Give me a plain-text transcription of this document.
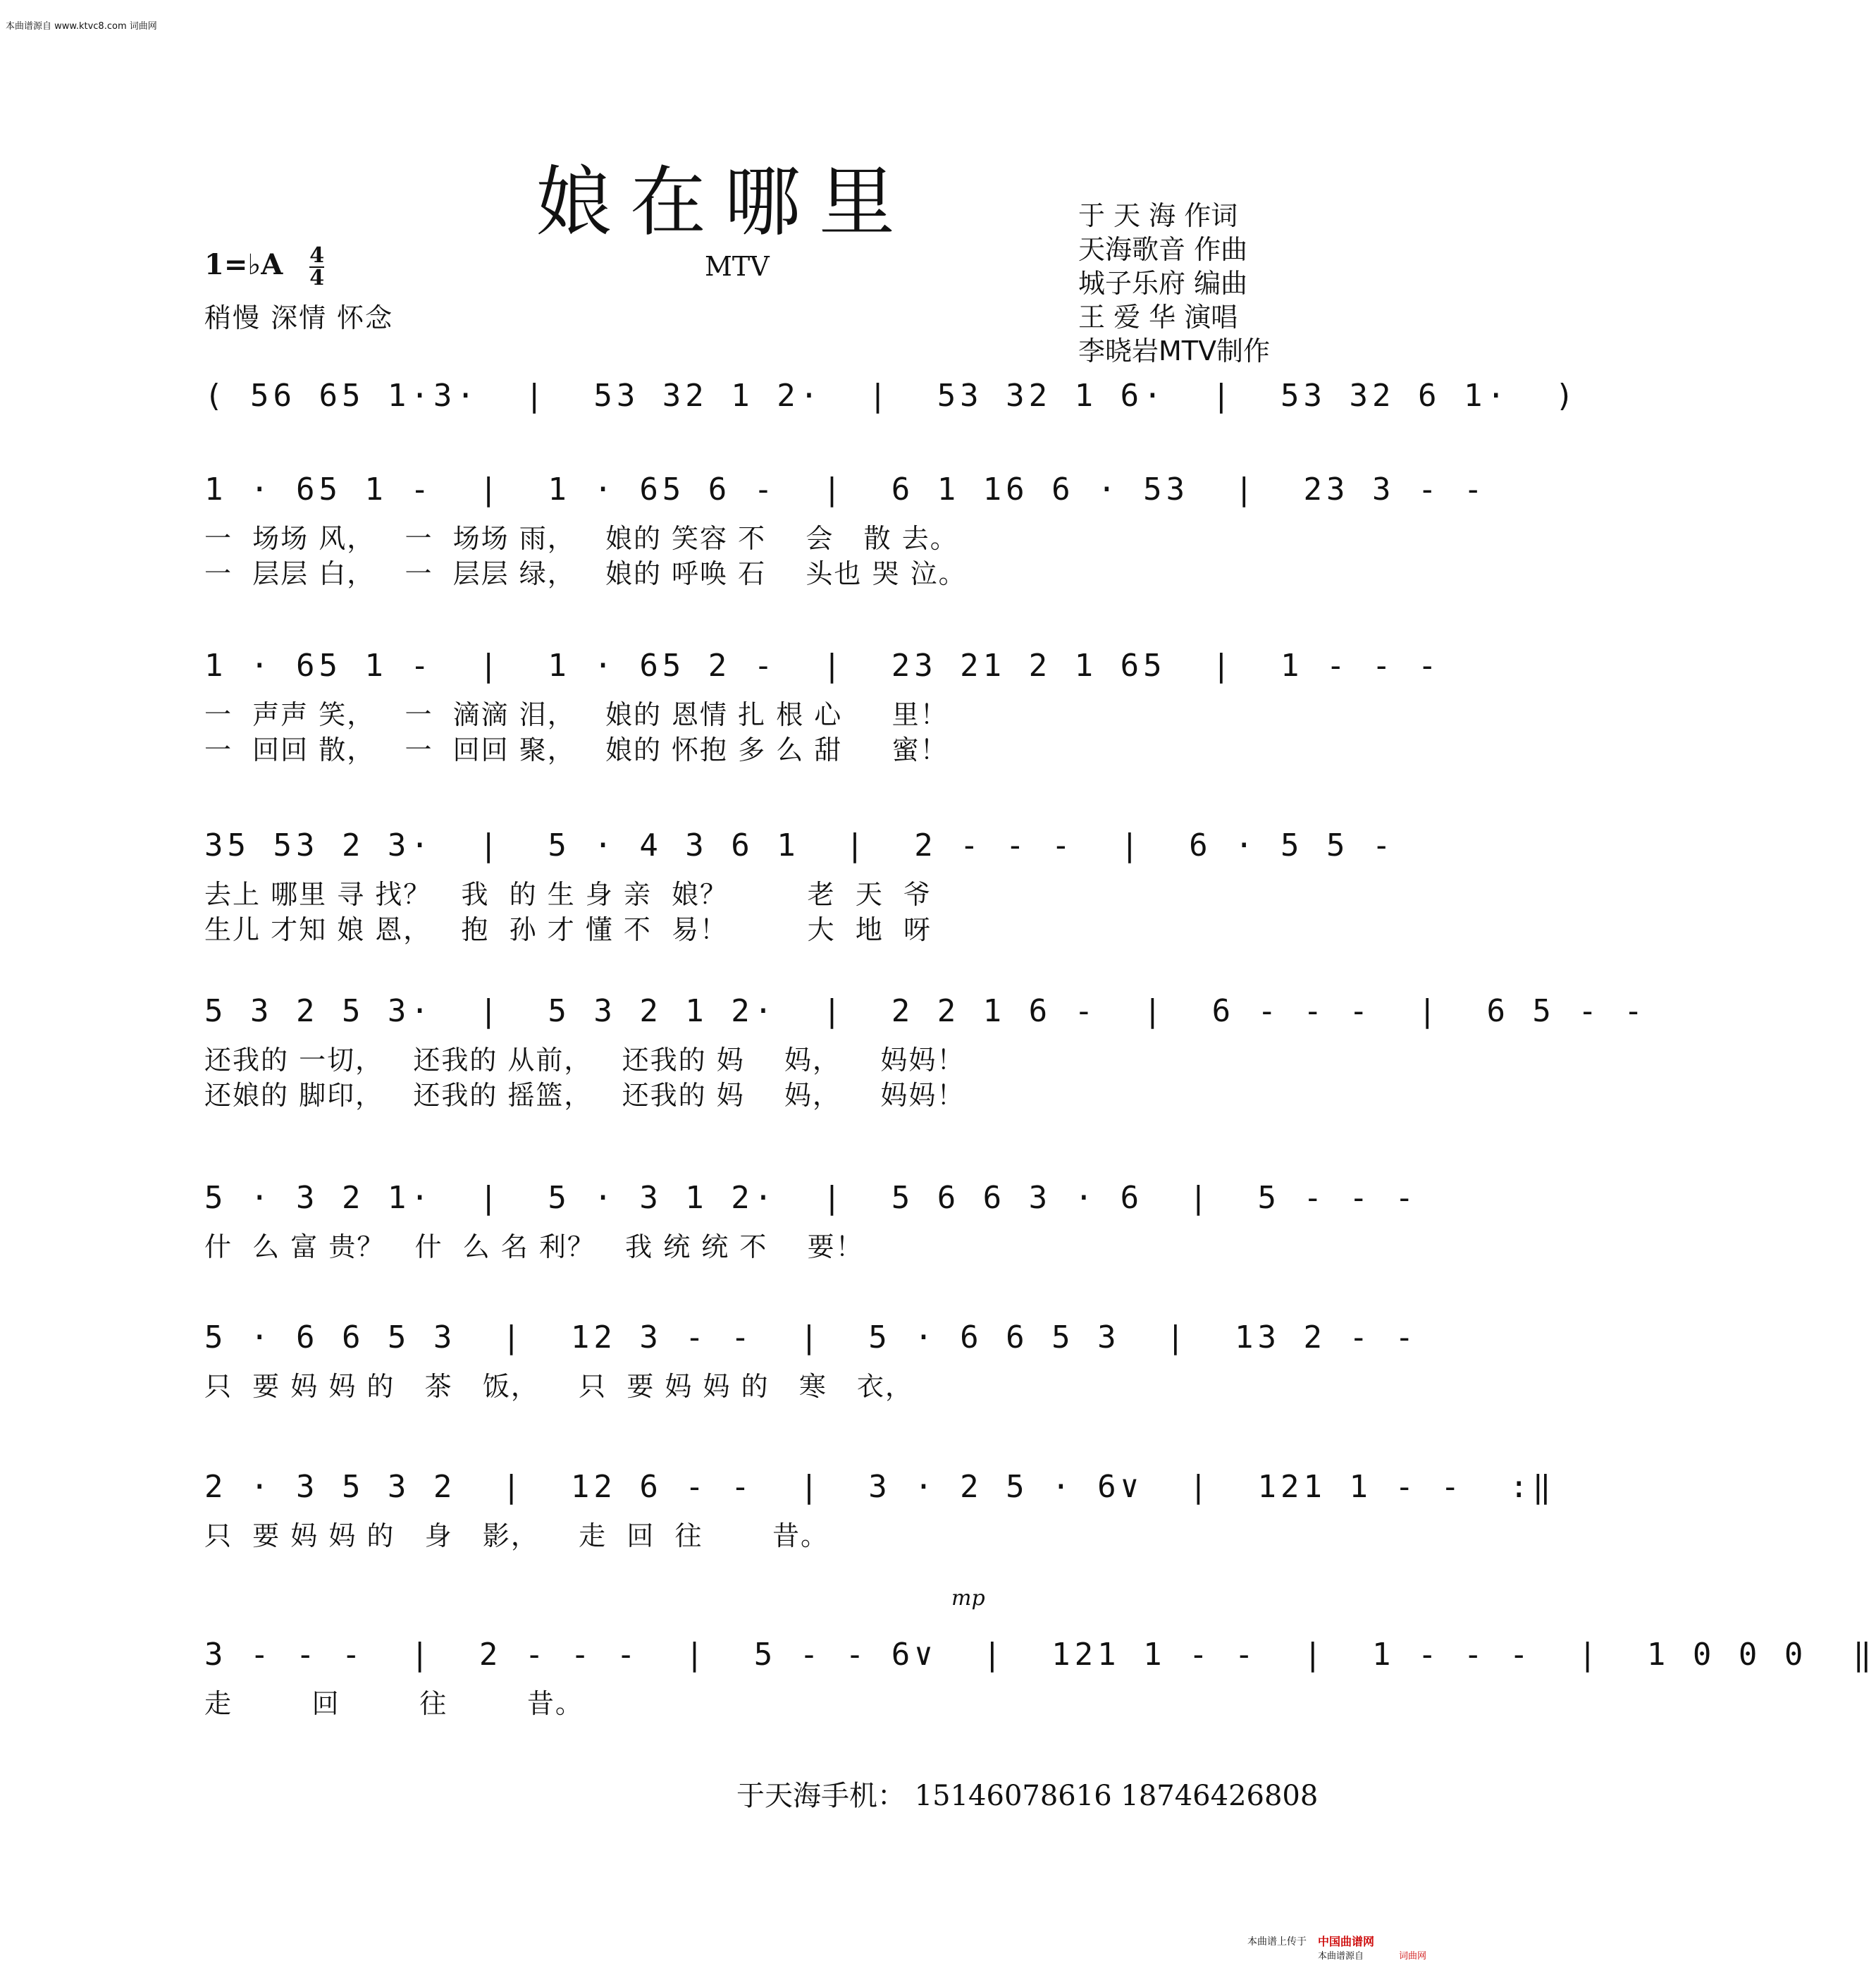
本曲谱源自 www.ktvc8.com 词曲网
娘在哪里
MTV
于 天 海 作词
天海歌音 作曲
城子乐府 编曲
王 爱 华 演唱
李晓岩MTV制作
1=♭A $\frac{4}{4}$
稍慢 深情 怀念
( 56 65 1·3·  |  53 32 1 2·  |  53 32 1 6·  |  53 32 6 1·  )
1 · 65 1 -  |  1 · 65 6 -  |  6 1 16 6 · 53  |  23 3 - -
一  场场 风，   一  场场 雨，   娘的 笑容 不    会   散 去。
一  层层 白，   一  层层 绿，   娘的 呼唤 石    头也 哭 泣。
1 · 65 1 -  |  1 · 65 2 -  |  23 21 2 1 65  |  1 - - -
一  声声 笑，   一  滴滴 泪，   娘的 恩情 扎 根 心     里！
一  回回 散，   一  回回 聚，   娘的 怀抱 多 么 甜     蜜！
35 53 2 3·  |  5 · 4 3 6 1  |  2 - - -  |  6 · 5 5 -
去上 哪里 寻 找？   我  的 生 身 亲  娘？        老  天  爷
生儿 才知 娘 恩，   抱  孙 才 懂 不  易！        大  地  呀
5 3 2 5 3·  |  5 3 2 1 2·  |  2 2 1 6 -  |  6 - - -  |  6 5 - -
还我的 一切，   还我的 从前，   还我的 妈    妈，    妈妈！
还娘的 脚印，   还我的 摇篮，   还我的 妈    妈，    妈妈！
5 · 3 2 1·  |  5 · 3 1 2·  |  5 6 6 3 · 6  |  5 - - -
什  么 富 贵？   什  么 名 利？   我 统 统 不    要！
5 · 6 6 5 3  |  12 3 - -  |  5 · 6 6 5 3  |  13 2 - -
只  要 妈 妈 的   茶   饭，    只  要 妈 妈 的   寒   衣，
2 · 3 5 3 2  |  12 6 - -  |  3 · 2 5 · 6∨  |  121 1 - -  :‖
只  要 妈 妈 的   身   影，    走  回  往       昔。
mp
3 - - -  |  2 - - -  |  5 - - 6∨  |  121 1 - -  |  1 - - -  |  1 0 0 0  ‖
走        回        往        昔。
于天海手机： 15146078616 18746426808
本曲谱上传于 中国曲谱网
本曲谱源自	词曲网
